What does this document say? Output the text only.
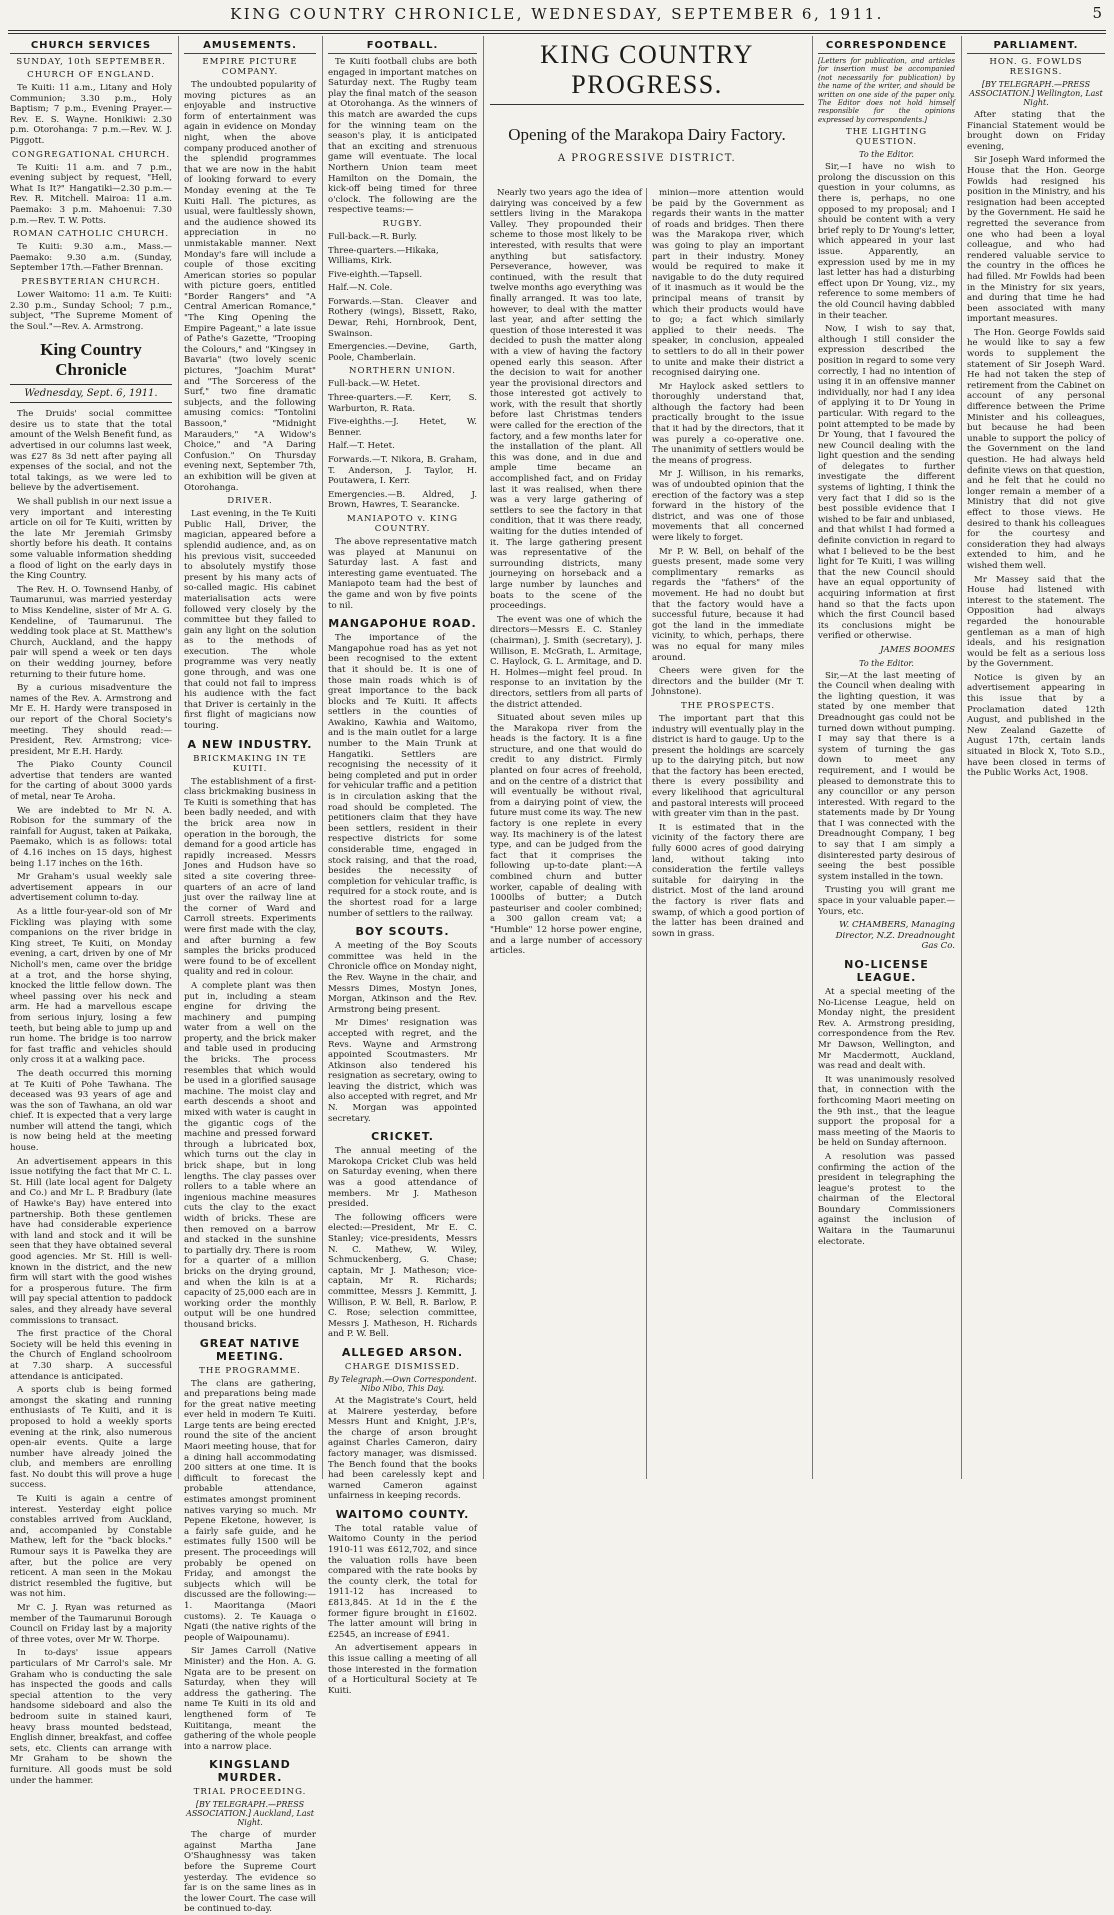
KING COUNTRY CHRONICLE, WEDNESDAY, SEPTEMBER 6, 1911.	5
CHURCH SERVICES
SUNDAY, 10th SEPTEMBER.
CHURCH OF ENGLAND.

Te Kuiti: 11 a.m., Litany and Holy Communion; 3.30 p.m., Holy Baptism; 7 p.m., Evening Prayer.—Rev. E. S. Wayne. Honikiwi: 2.30 p.m. Otorohanga: 7 p.m.—Rev. W. J. Piggott.

CONGREGATIONAL CHURCH.

Te Kuiti: 11 a.m. and 7 p.m., evening subject by request, "Hell, What Is It?" Hangatiki—2.30 p.m.—Rev. R. Mitchell. Mairoa: 11 a.m. Paemako: 3 p.m. Mahoenui: 7.30 p.m.—Rev. T. W. Potts.

ROMAN CATHOLIC CHURCH.

Te Kuiti: 9.30 a.m., Mass.—Paemako: 9.30 a.m. (Sunday, September 17th.—Father Brennan.

PRESBYTERIAN CHURCH.

Lower Waitomo: 11 a.m. Te Kuiti: 2.30 p.m., Sunday School; 7 p.m., subject, "The Supreme Moment of the Soul."—Rev. A. Armstrong.

King Country Chronicle
Wednesday, Sept. 6, 1911.

The Druids' social committee desire us to state that the total amount of the Welsh Benefit fund, as advertised in our columns last week, was £27 8s 3d nett after paying all expenses of the social, and not the total takings, as we were led to believe by the advertisement.

We shall publish in our next issue a very important and interesting article on oil for Te Kuiti, written by the late Mr Jeremiah Grimsby shortly before his death. It contains some valuable information shedding a flood of light on the early days in the King Country.

The Rev. H. O. Townsend Hanby, of Taumarunui, was married yesterday to Miss Kendeline, sister of Mr A. G. Kendeline, of Taumarunui. The wedding took place at St. Matthew's Church, Auckland, and the happy pair will spend a week or ten days on their wedding journey, before returning to their future home.

By a curious misadventure the names of the Rev. A. Armstrong and Mr E. H. Hardy were transposed in our report of the Choral Society's meeting. They should read:—President, Rev. Armstrong; vice-president, Mr E.H. Hardy.

The Piako County Council advertise that tenders are wanted for the carting of about 3000 yards of metal, near Te Aroha.

We are indebted to Mr N. A. Robison for the summary of the rainfall for August, taken at Paikaka, Paemako, which is as follows: total of 4.16 inches on 15 days, highest being 1.17 inches on the 16th.

Mr Graham's usual weekly sale advertisement appears in our advertisement column to-day.

As a little four-year-old son of Mr Fickling was playing with some companions on the river bridge in King street, Te Kuiti, on Monday evening, a cart, driven by one of Mr Nicholl's men, came over the bridge at a trot, and the horse shying, knocked the little fellow down. The wheel passing over his neck and arm. He had a marvellous escape from serious injury, losing a few teeth, but being able to jump up and run home. The bridge is too narrow for fast traffic and vehicles should only cross it at a walking pace.

The death occurred this morning at Te Kuiti of Pohe Tawhana. The deceased was 93 years of age and was the son of Tawhana, an old war chief. It is expected that a very large number will attend the tangi, which is now being held at the meeting house.

An advertisement appears in this issue notifying the fact that Mr C. L. St. Hill (late local agent for Dalgety and Co.) and Mr L. P. Bradbury (late of Hawke's Bay) have entered into partnership. Both these gentlemen have had considerable experience with land and stock and it will be seen that they have obtained several good agencies. Mr St. Hill is well-known in the district, and the new firm will start with the good wishes for a prosperous future. The firm will pay special attention to paddock sales, and they already have several commissions to transact.

The first practice of the Choral Society will be held this evening in the Church of England schoolroom at 7.30 sharp. A successful attendance is anticipated.

A sports club is being formed amongst the skating and running enthusiasts of Te Kuiti, and it is proposed to hold a weekly sports evening at the rink, also numerous open-air events. Quite a large number have already joined the club, and members are enrolling fast. No doubt this will prove a huge success.

Te Kuiti is again a centre of interest. Yesterday eight police constables arrived from Auckland, and, accompanied by Constable Mathew, left for the "back blocks." Rumour says it is Pawelka they are after, but the police are very reticent. A man seen in the Mokau district resembled the fugitive, but was not him.

Mr C. J. Ryan was returned as member of the Taumarunui Borough Council on Friday last by a majority of three votes, over Mr W. Thorpe.

In to-days' issue appears particulars of Mr Carrol's sale. Mr Graham who is conducting the sale has inspected the goods and calls special attention to the very handsome sideboard and also the bedroom suite in stained kauri, heavy brass mounted bedstead, English dinner, breakfast, and coffee sets, etc. Clients can arrange with Mr Graham to be shown the furniture. All goods must be sold under the hammer.

AMUSEMENTS.
EMPIRE PICTURE COMPANY.

The undoubted popularity of moving pictures as an enjoyable and instructive form of entertainment was again in evidence on Monday night, when the above company produced another of the splendid programmes that we are now in the habit of looking forward to every Monday evening at the Te Kuiti Hall. The pictures, as usual, were faultlessly shown, and the audience showed its appreciation in no unmistakable manner. Next Monday's fare will include a couple of those exciting American stories so popular with picture goers, entitled "Border Rangers" and "A Central American Romance," "The King Opening the Empire Pageant," a late issue of Pathe's Gazette, "Trooping the Colours," and "Kingsey in Bavaria" (two lovely scenic pictures, "Joachim Murat" and "The Sorceress of the Surf," two fine dramatic subjects, and the following amusing comics: "Tontolini Bassoon," "Midnight Marauders," "A Widow's Choice," and "A Daring Confusion." On Thursday evening next, September 7th, an exhibition will be given at Otorohanga.

DRIVER.

Last evening, in the Te Kuiti Public Hall, Driver, the magician, appeared before a splendid audience, and, as on his previous visit, succeeded to absolutely mystify those present by his many acts of so-called magic. His cabinet materialisation acts were followed very closely by the committee but they failed to gain any light on the solution as to the methods of execution. The whole programme was very neatly gone through, and was one that could not fail to impress his audience with the fact that Driver is certainly in the first flight of magicians now touring.

A NEW INDUSTRY.
BRICKMAKING IN TE KUITI.

The establishment of a first-class brickmaking business in Te Kuiti is something that has been badly needed, and with the brick area now in operation in the borough, the demand for a good article has rapidly increased. Messrs Jones and Hudson have so sited a site covering three-quarters of an acre of land just over the railway line at the corner of Ward and Carroll streets. Experiments were first made with the clay, and after burning a few samples the bricks produced were found to be of excellent quality and red in colour.

A complete plant was then put in, including a steam engine for driving the machinery and pumping water from a well on the property, and the brick maker and table used in producing the bricks. The process resembles that which would be used in a glorified sausage machine. The moist clay and earth descends a shoot and mixed with water is caught in the gigantic cogs of the machine and pressed forward through a lubricated box, which turns out the clay in brick shape, but in long lengths. The clay passes over rollers to a table where an ingenious machine measures cuts the clay to the exact width of bricks. These are then removed on a barrow and stacked in the sunshine to partially dry. There is room for a quarter of a million bricks on the drying ground, and when the kiln is at a capacity of 25,000 each are in working order the monthly output will be one hundred thousand bricks.

GREAT NATIVE MEETING.
THE PROGRAMME.

The clans are gathering, and preparations being made for the great native meeting ever held in modern Te Kuiti. Large tents are being erected round the site of the ancient Maori meeting house, that for a dining hall accommodating 200 sitters at one time. It is difficult to forecast the probable attendance, estimates amongst prominent natives varying so much. Mr Pepene Eketone, however, is a fairly safe guide, and he estimates fully 1500 will be present. The proceedings will probably be opened on Friday, and amongst the subjects which will be discussed are the following:— 1. Maoritanga (Maori customs). 2. Te Kauaga o Ngati (the native rights of the people of Waipounamu).

Sir James Carroll (Native Minister) and the Hon. A. G. Ngata are to be present on Saturday, when they will address the gathering. The name Te Kuiti in its old and lengthened form of Te Kuititanga, meant the gathering of the whole people into a narrow place.

KINGSLAND MURDER.
TRIAL PROCEEDING.
[BY TELEGRAPH.—PRESS ASSOCIATION.] Auckland, Last Night.

The charge of murder against Martha Jane O'Shaughnessy was taken before the Supreme Court yesterday. The evidence so far is on the same lines as in the lower Court. The case will be continued to-day.

FOOTBALL.

Te Kuiti football clubs are both engaged in important matches on Saturday next. The Rugby team play the final match of the season at Otorohanga. As the winners of this match are awarded the cups for the winning team on the season's play, it is anticipated that an exciting and strenuous game will eventuate. The local Northern Union team meet Hamilton on the Domain, the kick-off being timed for three o'clock. The following are the respective teams:—

RUGBY.

Full-back.—R. Burly.

Three-quarters.—Hikaka, Williams, Kirk.

Five-eighth.—Tapsell.

Half.—N. Cole.

Forwards.—Stan. Cleaver and Rothery (wings), Bissett, Rako, Dewar, Rehi, Hornbrook, Dent, Swainson.

Emergencies.—Devine, Garth, Poole, Chamberlain.

NORTHERN UNION.

Full-back.—W. Hetet.

Three-quarters.—F. Kerr, S. Warburton, R. Rata.

Five-eighths.—J. Hetet, W. Benner.

Half.—T. Hetet.

Forwards.—T. Nikora, B. Graham, T. Anderson, J. Taylor, H. Poutawera, I. Kerr.

Emergencies.—B. Aldred, J. Brown, Hawres, T. Searancke.

MANIAPOTO v. KING COUNTRY.

The above representative match was played at Manunui on Saturday last. A fast and interesting game eventuated. The Maniapoto team had the best of the game and won by five points to nil.

MANGAPOHUE ROAD.

The importance of the Mangapohue road has as yet not been recognised to the extent that it should be. It is one of those main roads which is of great importance to the back blocks and Te Kuiti. It affects settlers in the counties of Awakino, Kawhia and Waitomo, and is the main outlet for a large number to the Main Trunk at Hangatiki. Settlers are recognising the necessity of it being completed and put in order for vehicular traffic and a petition is in circulation asking that the road should be completed. The petitioners claim that they have been settlers, resident in their respective districts for some considerable time, engaged in stock raising, and that the road, besides the necessity of completion for vehicular traffic, is required for a stock route, and is the shortest road for a large number of settlers to the railway.

BOY SCOUTS.

A meeting of the Boy Scouts committee was held in the Chronicle office on Monday night, the Rev. Wayne in the chair, and Messrs Dimes, Mostyn Jones, Morgan, Atkinson and the Rev. Armstrong being present.

Mr Dimes' resignation was accepted with regret, and the Revs. Wayne and Armstrong appointed Scoutmasters. Mr Atkinson also tendered his resignation as secretary, owing to leaving the district, which was also accepted with regret, and Mr N. Morgan was appointed secretary.

CRICKET.

The annual meeting of the Marokopa Cricket Club was held on Saturday evening, when there was a good attendance of members. Mr J. Matheson presided.

The following officers were elected:—President, Mr E. C. Stanley; vice-presidents, Messrs N. C. Mathew, W. Wiley, Schmuckenberg, G. Chase; captain, Mr J. Matheson; vice-captain, Mr R. Richards; committee, Messrs J. Kemmitt, J. Willison, P. W. Bell, R. Barlow, P. C. Rose; selection committee, Messrs J. Matheson, H. Richards and P. W. Bell.

ALLEGED ARSON.
CHARGE DISMISSED.
By Telegraph.—Own Correspondent. Nibo Nibo, This Day.

At the Magistrate's Court, held at Mairere yesterday, before Messrs Hunt and Knight, J.P.'s, the charge of arson brought against Charles Cameron, dairy factory manager, was dismissed. The Bench found that the books had been carelessly kept and warned Cameron against unfairness in keeping records.

WAITOMO COUNTY.

The total ratable value of Waitomo County in the period 1910-11 was £612,702, and since the valuation rolls have been compared with the rate books by the county clerk, the total for 1911-12 has increased to £813,845. At 1d in the £ the former figure brought in £1602. The latter amount will bring in £2545, an increase of £941.

An advertisement appears in this issue calling a meeting of all those interested in the formation of a Horticultural Society at Te Kuiti.

KING COUNTRY PROGRESS.
Opening of the Marakopa Dairy Factory.
A PROGRESSIVE DISTRICT.

Nearly two years ago the idea of dairying was conceived by a few settlers living in the Marakopa Valley. They propounded their scheme to those most likely to be interested, with results that were anything but satisfactory. Perseverance, however, was continued, with the result that twelve months ago everything was finally arranged. It was too late, however, to deal with the matter last year, and after setting the question of those interested it was decided to push the matter along with a view of having the factory opened early this season. After the decision to wait for another year the provisional directors and those interested got actively to work, with the result that shortly before last Christmas tenders were called for the erection of the factory, and a few months later for the installation of the plant. All this was done, and in due and ample time became an accomplished fact, and on Friday last it was realised, when there was a very large gathering of settlers to see the factory in that condition, that it was there ready, waiting for the duties intended of it. The large gathering present was representative of the surrounding districts, many journeying on horseback and a large number by launches and boats to the scene of the proceedings.

The event was one of which the directors—Messrs E. C. Stanley (chairman), J. Smith (secretary), J. Willison, E. McGrath, L. Armitage, C. Haylock, G. L. Armitage, and D. H. Holmes—might feel proud. In response to an invitation by the directors, settlers from all parts of the district attended.

Situated about seven miles up the Marakopa river from the heads is the factory. It is a fine structure, and one that would do credit to any district. Firmly planted on four acres of freehold, and on the centre of a district that will eventually be without rival, from a dairying point of view, the future must come its way. The new factory is one replete in every way. Its machinery is of the latest type, and can be judged from the fact that it comprises the following up-to-date plant:—A combined churn and butter worker, capable of dealing with 1000lbs of butter; a Dutch pasteuriser and cooler combined; a 300 gallon cream vat; a "Humble" 12 horse power engine, and a large number of accessory articles.

minion—more attention would be paid by the Government as regards their wants in the matter of roads and bridges. Then there was the Marakopa river, which was going to play an important part in their industry. Money would be required to make it navigable to do the duty required of it inasmuch as it would be the principal means of transit by which their products would have to go; a fact which similarly applied to their needs. The speaker, in conclusion, appealed to settlers to do all in their power to unite and make their district a recognised dairying one.

Mr Haylock asked settlers to thoroughly understand that, although the factory had been practically brought to the issue that it had by the directors, that it was purely a co-operative one. The unanimity of settlers would be the means of progress.

Mr J. Willison, in his remarks, was of undoubted opinion that the erection of the factory was a step forward in the history of the district, and was one of those movements that all concerned were likely to forget.

Mr P. W. Bell, on behalf of the guests present, made some very complimentary remarks as regards the "fathers" of the movement. He had no doubt but that the factory would have a successful future, because it had got the land in the immediate vicinity, to which, perhaps, there was no equal for many miles around.

Cheers were given for the directors and the builder (Mr T. Johnstone).

THE PROSPECTS.

The important part that this industry will eventually play in the district is hard to gauge. Up to the present the holdings are scarcely up to the dairying pitch, but now that the factory has been erected, there is every possibility and every likelihood that agricultural and pastoral interests will proceed with greater vim than in the past.

It is estimated that in the vicinity of the factory there are fully 6000 acres of good dairying land, without taking into consideration the fertile valleys suitable for dairying in the district. Most of the land around the factory is river flats and swamp, of which a good portion of the latter has been drained and sown in grass.

CORRESPONDENCE

[Letters for publication, and articles for insertion must be accompanied (not necessarily for publication) by the name of the writer, and should be written on one side of the paper only. The Editor does not hold himself responsible for the opinions expressed by correspondents.]

THE LIGHTING QUESTION.
To the Editor.

Sir,—I have no wish to prolong the discussion on this question in your columns, as there is, perhaps, no one opposed to my proposal; and I should be content with a very brief reply to Dr Young's letter, which appeared in your last issue. Apparently, an expression used by me in my last letter has had a disturbing effect upon Dr Young, viz., my reference to some members of the old Council having dabbled in their teacher.

Now, I wish to say that, although I still consider the expression described the position in regard to some very correctly, I had no intention of using it in an offensive manner individually, nor had I any idea of applying it to Dr Young in particular. With regard to the point attempted to be made by Dr Young, that I favoured the new Council dealing with the light question and the sending of delegates to further investigate the different systems of lighting, I think the very fact that I did so is the best possible evidence that I wished to be fair and unbiased, and that whilst I had formed a definite conviction in regard to what I believed to be the best light for Te Kuiti, I was willing that the new Council should have an equal opportunity of acquiring information at first hand so that the facts upon which the first Council based its conclusions might be verified or otherwise.

JAMES BOOMES

To the Editor.

Sir,—At the last meeting of the Council when dealing with the lighting question, it was stated by one member that Dreadnought gas could not be turned down without pumping. I may say that there is a system of turning the gas down to meet any requirement, and I would be pleased to demonstrate this to any councillor or any person interested. With regard to the statements made by Dr Young that I was connected with the Dreadnought Company, I beg to say that I am simply a disinterested party desirous of seeing the best possible system installed in the town.

Trusting you will grant me space in your valuable paper.—Yours, etc.

W. CHAMBERS, Managing Director, N.Z. Dreadnought Gas Co.

NO-LICENSE LEAGUE.

At a special meeting of the No-License League, held on Monday night, the president Rev. A. Armstrong presiding, correspondence from the Rev. Mr Dawson, Wellington, and Mr Macdermott, Auckland, was read and dealt with.

It was unanimously resolved that, in connection with the forthcoming Maori meeting on the 9th inst., that the league support the proposal for a mass meeting of the Maoris to be held on Sunday afternoon.

A resolution was passed confirming the action of the president in telegraphing the league's protest to the chairman of the Electoral Boundary Commissioners against the inclusion of Waitara in the Taumarunui electorate.

PARLIAMENT.
HON. G. FOWLDS RESIGNS.
[BY TELEGRAPH.—PRESS ASSOCIATION.] Wellington, Last Night.

After stating that the Financial Statement would be brought down on Friday evening,

Sir Joseph Ward informed the House that the Hon. George Fowlds had resigned his position in the Ministry, and his resignation had been accepted by the Government. He said he regretted the severance from one who had been a loyal colleague, and who had rendered valuable service to the country in the offices he had filled. Mr Fowlds had been in the Ministry for six years, and during that time he had been associated with many important measures.

The Hon. George Fowlds said he would like to say a few words to supplement the statement of Sir Joseph Ward. He had not taken the step of retirement from the Cabinet on account of any personal difference between the Prime Minister and his colleagues, but because he had been unable to support the policy of the Government on the land question. He had always held definite views on that question, and he felt that he could no longer remain a member of a Ministry that did not give effect to those views. He desired to thank his colleagues for the courtesy and consideration they had always extended to him, and he wished them well.

Mr Massey said that the House had listened with interest to the statement. The Opposition had always regarded the honourable gentleman as a man of high ideals, and his resignation would be felt as a serious loss by the Government.

Notice is given by an advertisement appearing in this issue that by a Proclamation dated 12th August, and published in the New Zealand Gazette of August 17th, certain lands situated in Block X, Toto S.D., have been closed in terms of the Public Works Act, 1908.
